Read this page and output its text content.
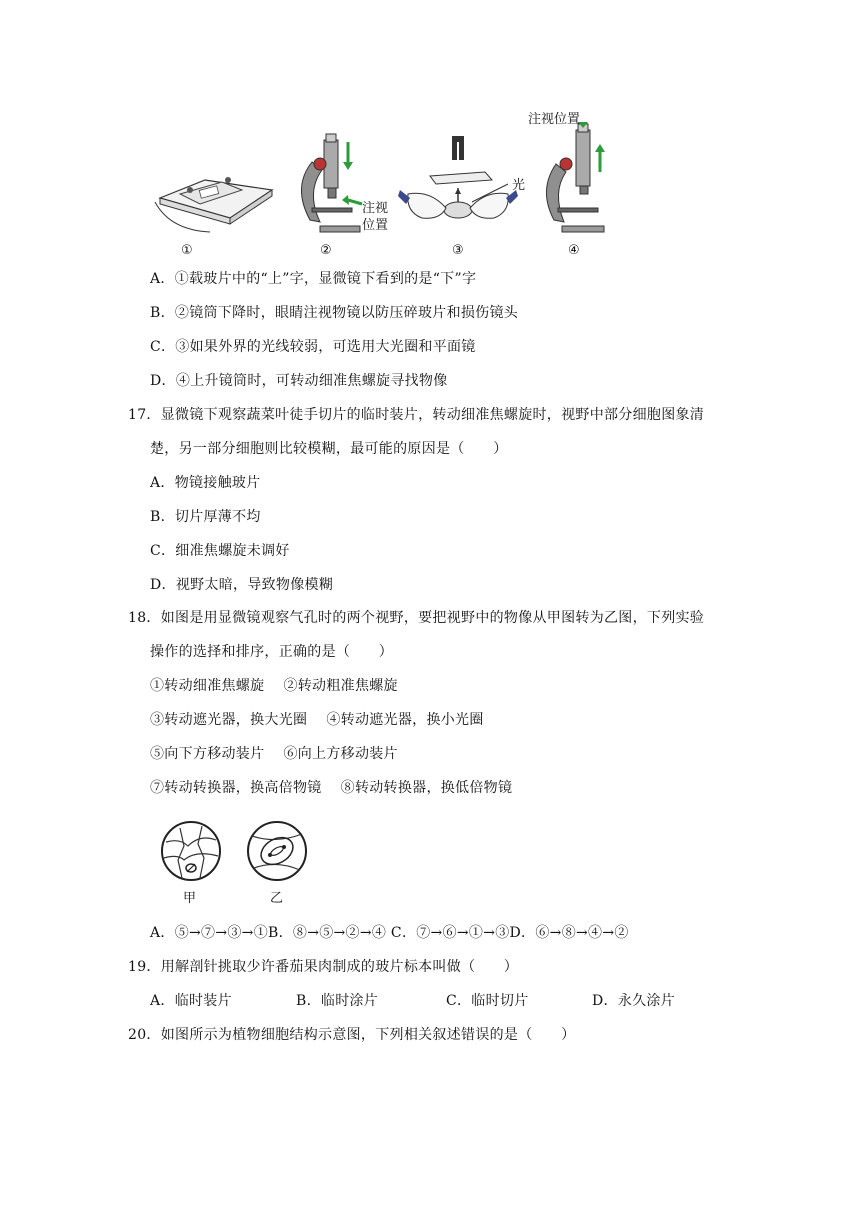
①
注视
位置
②
光
③
注视位置
④
A．①载玻片中的“上”字，显微镜下看到的是“下”字
B．②镜筒下降时，眼睛注视物镜以防压碎玻片和损伤镜头
C．③如果外界的光线较弱，可选用大光圈和平面镜
D．④上升镜筒时，可转动细准焦螺旋寻找物像
17．显微镜下观察蔬菜叶徒手切片的临时装片，转动细准焦螺旋时，视野中部分细胞图象清
楚，另一部分细胞则比较模糊，最可能的原因是（　　）
A．物镜接触玻片
B．切片厚薄不均
C．细准焦螺旋未调好
D．视野太暗，导致物像模糊
18．如图是用显微镜观察气孔时的两个视野，要把视野中的物像从甲图转为乙图，下列实验
操作的选择和排序，正确的是（　　）
①转动细准焦螺旋　 ②转动粗准焦螺旋
③转动遮光器，换大光圈　 ④转动遮光器，换小光圈
⑤向下方移动装片　 ⑥向上方移动装片
⑦转动转换器，换高倍物镜　 ⑧转动转换器，换低倍物镜
甲	乙
A．⑤→⑦→③→①B．⑧→⑤→②→④ C．⑦→⑥→①→③D．⑥→⑧→④→②
19．用解剖针挑取少许番茄果肉制成的玻片标本叫做（　　）
A．临时装片	B．临时涂片	C．临时切片	D．永久涂片
20．如图所示为植物细胞结构示意图，下列相关叙述错误的是（　　）
